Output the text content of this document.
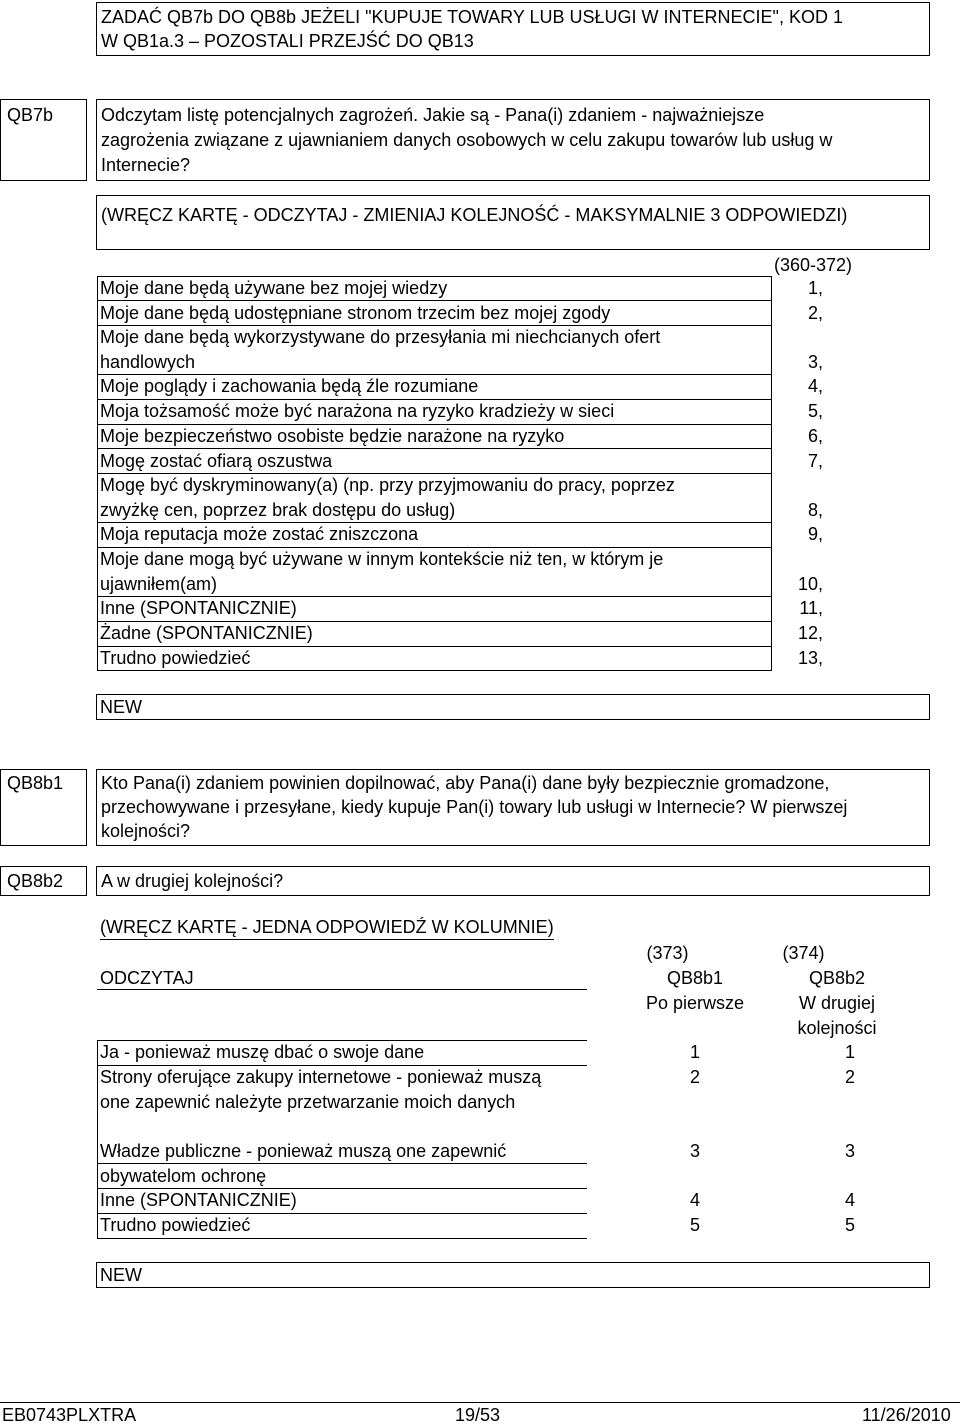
ZADAĆ QB7b DO QB8b JEŻELI "KUPUJE TOWARY LUB USŁUGI W INTERNECIE", KOD 1
W QB1a.3 – POZOSTALI PRZEJŚĆ DO QB13
QB7b	Odczytam listę potencjalnych zagrożeń. Jakie są - Pana(i) zdaniem - najważniejsze
zagrożenia związane z ujawnianiem danych osobowych w celu zakupu towarów lub usług w
Internecie?
(WRĘCZ KARTĘ - ODCZYTAJ - ZMIENIAJ KOLEJNOŚĆ - MAKSYMALNIE 3 ODPOWIEDZI)
(360-372)
Moje dane będą używane bez mojej wiedzy	1,
Moje dane będą udostępniane stronom trzecim bez mojej zgody	2,
Moje dane będą wykorzystywane do przesyłania mi niechcianych ofert
handlowych	3,
Moje poglądy i zachowania będą źle rozumiane	4,
Moja tożsamość może być narażona na ryzyko kradzieży w sieci	5,
Moje bezpieczeństwo osobiste będzie narażone na ryzyko	6,
Mogę zostać ofiarą oszustwa	7,
Mogę być dyskryminowany(a) (np. przy przyjmowaniu do pracy, poprzez
zwyżkę cen, poprzez brak dostępu do usług)	8,
Moja reputacja może zostać zniszczona	9,
Moje dane mogą być używane w innym kontekście niż ten, w którym je
ujawniłem(am)	10,
Inne (SPONTANICZNIE)	11,
Żadne (SPONTANICZNIE)	12,
Trudno powiedzieć	13,
NEW
QB8b1 Kto Pana(i) zdaniem powinien dopilnować, aby Pana(i) dane były bezpiecznie gromadzone,
przechowywane i przesyłane, kiedy kupuje Pan(i) towary lub usługi w Internecie? W pierwszej
kolejności?
QB8b2 A w drugiej kolejności?
(WRĘCZ KARTĘ - JEDNA ODPOWIEDŹ W KOLUMNIE)
(373)	(374)
ODCZYTAJ	QB8b1	QB8b2
Po pierwsze	W drugiej
kolejności
Ja - ponieważ muszę dbać o swoje dane	1	1
Strony oferujące zakupy internetowe - ponieważ muszą
one zapewnić należyte przetwarzanie moich danych
2	2
Władze publiczne - ponieważ muszą one zapewnić
obywatelom ochronę
3	3
Inne (SPONTANICZNIE)	4	4
Trudno powiedzieć	5	5
NEW
EB0743PLXTRA	19/53	11/26/2010
